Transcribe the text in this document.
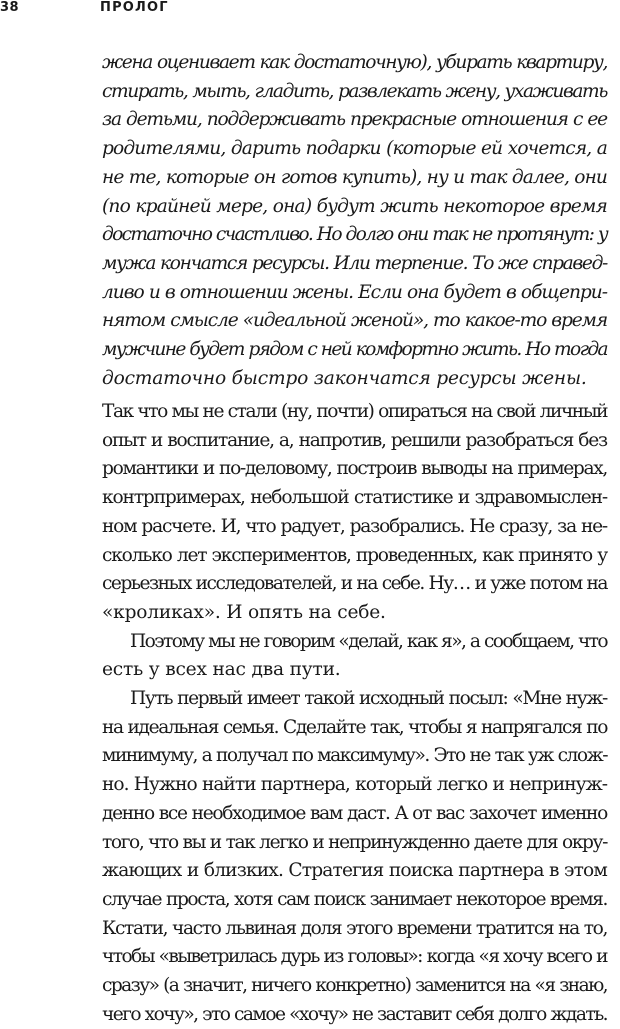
38	ПРОЛОГ
жена оценивает как достаточную), убирать квартиру,
стирать, мыть, гладить, развлекать жену, ухаживать
за детьми, поддерживать прекрасные отношения с ее
родителями, дарить подарки (которые ей хочется, а
не те, которые он готов купить), ну и так далее, они
(по крайней мере, она) будут жить некоторое время
достаточно счастливо. Но долго они так не протянут: у
мужа кончатся ресурсы. Или терпение. То же справед-
ливо и в отношении жены. Если она будет в общепри-
нятом смысле «идеальной женой», то какое-то время
мужчине будет рядом с ней комфортно жить. Но тогда
достаточно быстро закончатся ресурсы жены.
Так что мы не стали (ну, почти) опираться на свой личный
опыт и воспитание, а, напротив, решили разобраться без
романтики и по-деловому, построив выводы на примерах,
контрпримерах, небольшой статистике и здравомыслен-
ном расчете. И, что радует, разобрались. Не сразу, за не-
сколько лет экспериментов, проведенных, как принято у
серьезных исследователей, и на себе. Ну… и уже потом на
«кроликах». И опять на себе.
Поэтому мы не говорим «делай, как я», а сообщаем, что
есть у всех нас два пути.
Путь первый имеет такой исходный посыл: «Мне нуж-
на идеальная семья. Сделайте так, чтобы я напрягался по
минимуму, а получал по максимуму». Это не так уж слож-
но. Нужно найти партнера, который легко и непринуж-
денно все необходимое вам даст. А от вас захочет именно
того, что вы и так легко и непринужденно даете для окру-
жающих и близких. Стратегия поиска партнера в этом
случае проста, хотя сам поиск занимает некоторое время.
Кстати, часто львиная доля этого времени тратится на то,
чтобы «выветрилась дурь из головы»: когда «я хочу всего и
сразу» (а значит, ничего конкретно) заменится на «я знаю,
чего хочу», это самое «хочу» не заставит себя долго ждать.
